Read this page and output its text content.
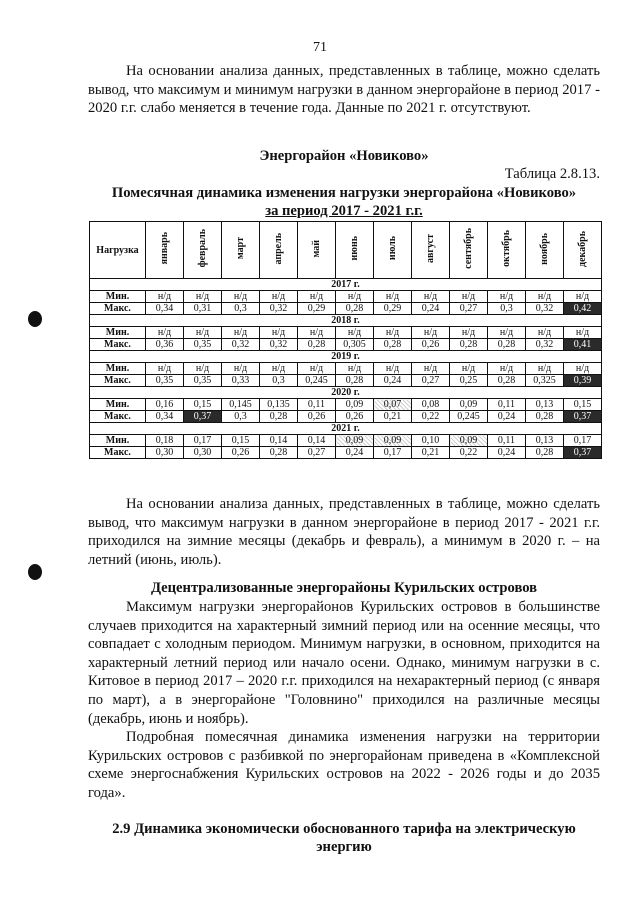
71

На основании анализа данных, представленных в таблице, можно сделать вывод, что максимум и минимум нагрузки в данном энергорайоне в период 2017 - 2020 г.г. слабо меняется в течение года. Данные по 2021 г. отсутствуют.

Энергорайон «Новиково»

Таблица 2.8.13.

Помесячная динамика изменения нагрузки энергорайона «Новиково»
за период 2017 - 2021 г.г.
Нагрузка	январь	февраль	март	апрель	май	июнь	июль	август	сентябрь	октябрь	ноябрь	декабрь
2017 г.												
Мин.	н/д	н/д	н/д	н/д	н/д	н/д	н/д	н/д	н/д	н/д	н/д	н/д
Макс.	0,34	0,31	0,3	0,32	0,29	0,28	0,29	0,24	0,27	0,3	0,32	0,42
2018 г.												
Мин.	н/д	н/д	н/д	н/д	н/д	н/д	н/д	н/д	н/д	н/д	н/д	н/д
Макс.	0,36	0,35	0,32	0,32	0,28	0,305	0,28	0,26	0,28	0,28	0,32	0,41
2019 г.												
Мин.	н/д	н/д	н/д	н/д	н/д	н/д	н/д	н/д	н/д	н/д	н/д	н/д
Макс.	0,35	0,35	0,33	0,3	0,245	0,28	0,24	0,27	0,25	0,28	0,325	0,39
2020 г.												
Мин.	0,16	0,15	0,145	0,135	0,11	0,09	0,07	0,08	0,09	0,11	0,13	0,15
Макс.	0,34	0,37	0,3	0,28	0,26	0,26	0,21	0,22	0,245	0,24	0,28	0,37
2021 г.												
Мин.	0,18	0,17	0,15	0,14	0,14	0,09	0,09	0,10	0,09	0,11	0,13	0,17
Макс.	0,30	0,30	0,26	0,28	0,27	0,24	0,17	0,21	0,22	0,24	0,28	0,37

На основании анализа данных, представленных в таблице, можно сделать вывод, что максимум нагрузки в данном энергорайоне в период 2017 - 2021 г.г. приходился на зимние месяцы (декабрь и февраль), а минимум в 2020 г. – на летний (июнь, июль).

Децентрализованные энергорайоны Курильских островов

Максимум нагрузки энергорайонов Курильских островов в большинстве случаев приходится на характерный зимний период или на осенние месяцы, что совпадает с холодным периодом. Минимум нагрузки, в основном, приходится на характерный летний период или начало осени. Однако, минимум нагрузки в с. Китовое в период 2017 – 2020 г.г. приходился на нехарактерный период (с января по март), а в энергорайоне "Головнино" приходился на различные месяцы (декабрь, июнь и ноябрь).

Подробная помесячная динамика изменения нагрузки на территории Курильских островов с разбивкой по энергорайонам приведена в «Комплексной схеме энергоснабжения Курильских островов на 2022 - 2026 годы и до 2035 года».

2.9 Динамика экономически обоснованного тарифа на электрическую
энергию
